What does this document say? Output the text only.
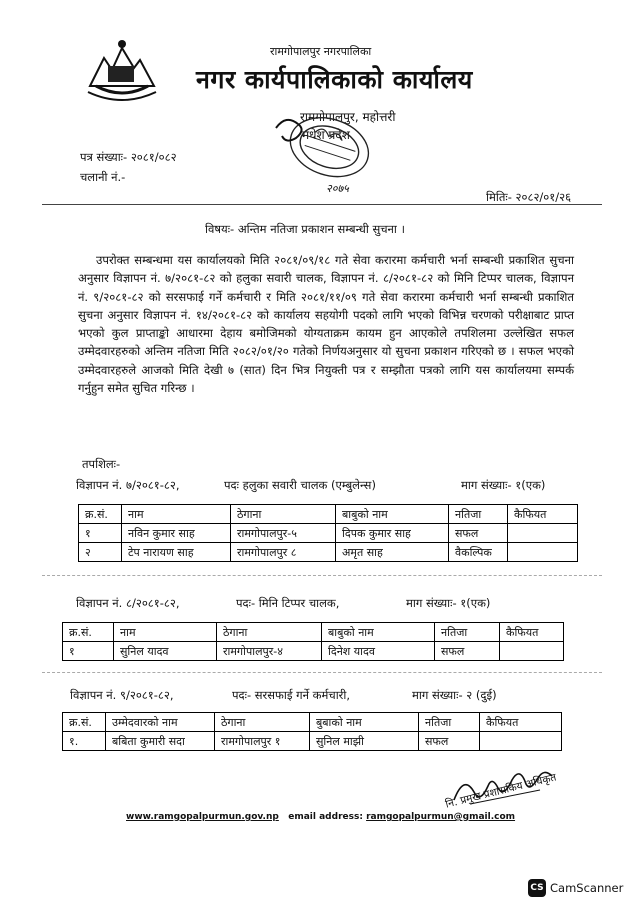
रामगोपालपुर नगरपालिका
नगर कार्यपालिकाको कार्यालय
रामगोपालपुर, महोत्तरी
मधेश प्रदेश
२०७५
पत्र संख्याः- २०८१/०८२
चलानी नं.-
मितिः- २०८२/०१/२६
विषयः- अन्तिम नतिजा प्रकाशन सम्बन्धी सुचना ।
उपरोक्त सम्बन्धमा यस कार्यालयको मिति २०८१/०९/१८ गते सेवा करारमा कर्मचारी भर्ना सम्बन्धी प्रकाशित सुचना अनुसार विज्ञापन नं. ७/२०८१-८२ को हलुका सवारी चालक, विज्ञापन नं. ८/२०८१-८२ को मिनि टिप्पर चालक, विज्ञापन नं. ९/२०८१-८२ को सरसफाई गर्ने कर्मचारी र मिति २०८१/११/०९ गते सेवा करारमा कर्मचारी भर्ना सम्बन्धी प्रकाशित सुचना अनुसार विज्ञापन नं. १४/२०८१-८२ को कार्यालय सहयोगी पदको लागि भएको विभिन्न चरणको परीक्षाबाट प्राप्त भएको कुल प्राप्ताङ्को आधारमा देहाय बमोजिमको योग्यताक्रम कायम हुन आएकोले तपशिलमा उल्लेखित सफल उम्मेदवारहरुको अन्तिम नतिजा मिति २०८२/०१/२० गतेको निर्णयअनुसार यो सुचना प्रकाशन गरिएको छ । सफल भएको उम्मेदवारहरुले आजको मिति देखी ७ (सात) दिन भित्र नियुक्ती पत्र र सम्झौता पत्रको लागि यस कार्यालयमा सम्पर्क गर्नुहुन समेत सुचित गरिन्छ ।
तपशिलः-
विज्ञापन नं. ७/२०८१-८२,	पदः हलुका सवारी चालक (एम्बुलेन्स)	माग संख्याः- १(एक)
क्र.सं.	नाम	ठेगाना	बाबुको नाम	नतिजा	कैफियत
१	नविन कुमार साह	रामगोपालपुर-५	दिपक कुमार साह	सफल	
२	टेप नारायण साह	रामगोपालपुर ८	अमृत साह	वैकल्पिक	
विज्ञापन नं. ८/२०८१-८२,	पदः- मिनि टिप्पर चालक,	माग संख्याः- १(एक)
क्र.सं.	नाम	ठेगाना	बाबुको नाम	नतिजा	कैफियत
१	सुनिल यादव	रामगोपालपुर-४	दिनेश यादव	सफल	
विज्ञापन नं. ९/२०८१-८२,	पदः- सरसफाई गर्ने कर्मचारी,	माग संख्याः- २ (दुई)
क्र.सं.	उम्मेदवारको नाम	ठेगाना	बुबाको नाम	नतिजा	कैफियत
१.	बबिता कुमारी सदा	रामगोपालपुर १	सुनिल माझी	सफल	
नि. प्रमुख प्रशासकिय अधिकृत
www.ramgopalpurmun.gov.np email address: ramgopalpurmun@gmail.com
CS CamScanner
